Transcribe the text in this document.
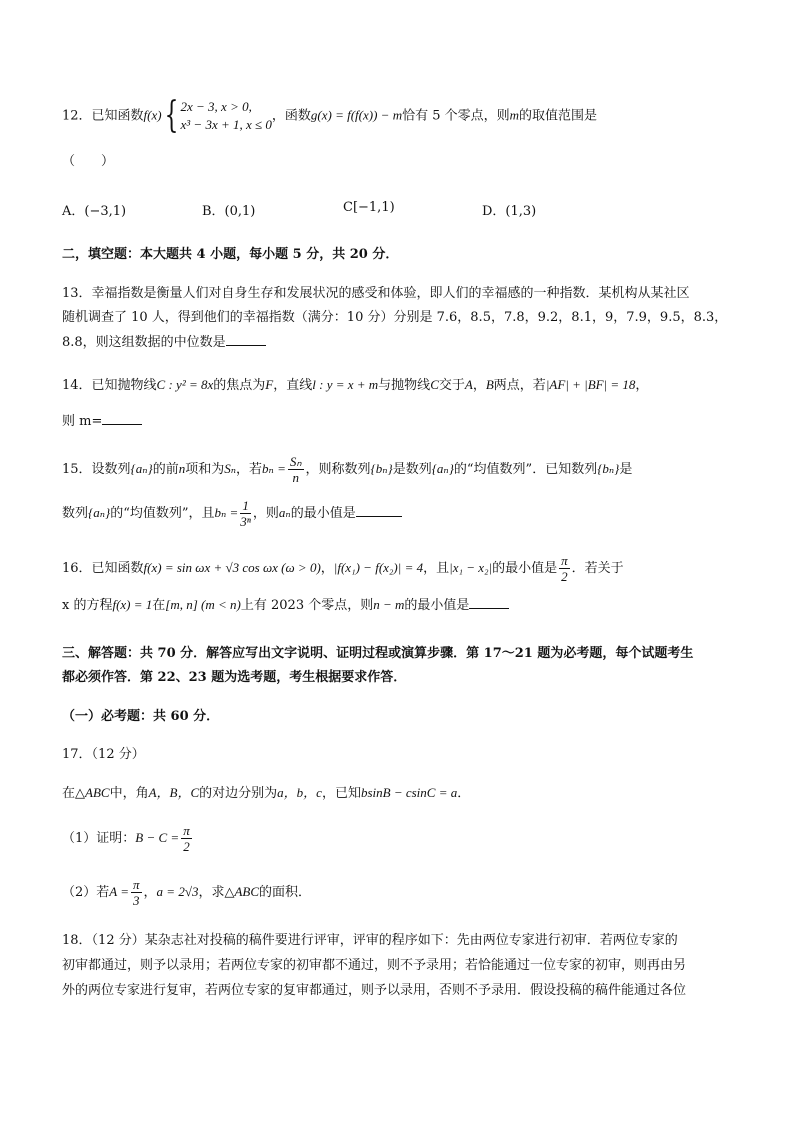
12．已知函数f(x){ 2x − 3, x > 0,
x³ − 3x + 1, x ≤ 0
，函数g(x) = f(f(x)) − m恰有 5 个零点，则m的取值范围是
（　　）
A．(−3,1)	B．(0,1)	C[−1,1)	D．(1,3)
二，填空题：本大题共 4 小题，每小题 5 分，共 20 分．
13．幸福指数是衡量人们对自身生存和发展状况的感受和体验，即人们的幸福感的一种指数．某机构从某社区
随机调查了 10 人，得到他们的幸福指数（满分：10 分）分别是 7.6，8.5，7.8，9.2，8.1，9，7.9，9.5，8.3，
8.8，则这组数据的中位数是
14．已知抛物线C : y² = 8x的焦点为F，直线l : y = x + m与抛物线C交于A，B两点，若|AF| + |BF| = 18，
则 m=
15．设数列{aₙ}的前n项和为Sₙ，若$b_n = \frac{\text{Sₙ}}{n}$ ，则称数列{bₙ}是数列{aₙ}的“均值数列”．已知数列{bₙ}是
数列{aₙ}的“均值数列”，且$b_n = \frac{1}{\text{3ⁿ}}$ ，则aₙ的最小值是
16．已知函数f(x) = sin ωx + √3 cos ωx (ω > 0)，|f(x₁) − f(x₂)| = 4，且|x₁ − x₂|的最小值是 $\frac{\pi}{2}$ ．若关于
x 的方程f(x) = 1在[m, n] (m < n)上有 2023 个零点，则n − m的最小值是
三、解答题：共 70 分．解答应写出文字说明、证明过程或演算步骤．第 17～21 题为必考题，每个试题考生
都必须作答．第 22、23 题为选考题，考生根据要求作答．
（一）必考题：共 60 分．
17．（12 分）
在△ABC中，角A，B，C的对边分别为a，b，c，已知bsinB − csinC = a．
（1）证明：$B - C = \frac{\pi}{2}$
（2）若$A = \frac{\pi}{3}$ ，a = 2√3，求△ABC的面积．
18．（12 分）某杂志社对投稿的稿件要进行评审，评审的程序如下：先由两位专家进行初审．若两位专家的
初审都通过，则予以录用；若两位专家的初审都不通过，则不予录用；若恰能通过一位专家的初审，则再由另
外的两位专家进行复审，若两位专家的复审都通过，则予以录用，否则不予录用．假设投稿的稿件能通过各位
